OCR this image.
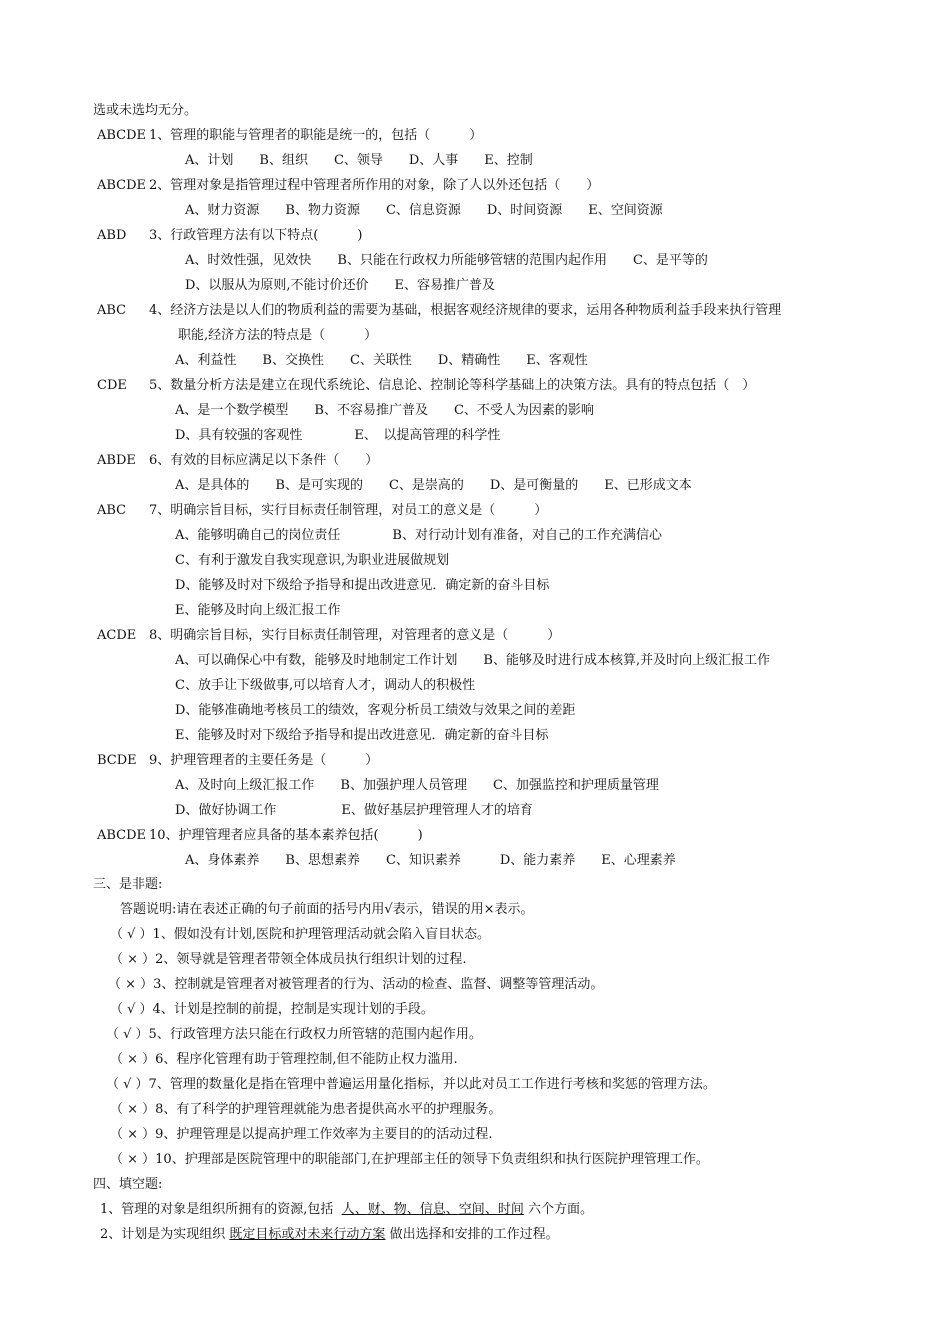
选或未选均无分。
ABCDE 1、管理的职能与管理者的职能是统一的，包括（　　　）
A、计划　　B、组织　　C、领导　　D、人事　　E、控制
ABCDE 2、管理对象是指管理过程中管理者所作用的对象，除了人以外还包括（　　）
A、财力资源　　B、物力资源　　C、信息资源　　D、时间资源　　E、空间资源
ABD 3、行政管理方法有以下特点(　　　)
A、时效性强，见效快　　B、只能在行政权力所能够管辖的范围内起作用　　C、是平等的
D、以服从为原则,不能讨价还价　　E、容易推广普及
ABC 4、经济方法是以人们的物质利益的需要为基础，根据客观经济规律的要求，运用各种物质利益手段来执行管理
职能,经济方法的特点是（　　　）
A、利益性　　B、交换性　　C、关联性　　D、精确性　　E、客观性
CDE 5、数量分析方法是建立在现代系统论、信息论、控制论等科学基础上的决策方法。具有的特点包括（　）
A、是一个数学模型　　B、不容易推广普及　　C、不受人为因素的影响
D、具有较强的客观性　　　　E、　以提高管理的科学性
ABDE 6、有效的目标应满足以下条件（　　）
A、是具体的　　B、是可实现的　　C、是崇高的　　D、是可衡量的　　E、已形成文本
ABC 7、明确宗旨目标，实行目标责任制管理，对员工的意义是（　　　）
A、能够明确自己的岗位责任　　　　B、对行动计划有准备，对自己的工作充满信心
C、有利于激发自我实现意识,为职业进展做规划
D、能够及时对下级给予指导和提出改进意见．确定新的奋斗目标
E、能够及时向上级汇报工作
ACDE 8、明确宗旨目标，实行目标责任制管理，对管理者的意义是（　　　）
A、可以确保心中有数，能够及时地制定工作计划　　B、能够及时进行成本核算,并及时向上级汇报工作
C、放手让下级做事,可以培育人才，调动人的积极性
D、能够准确地考核员工的绩效，客观分析员工绩效与效果之间的差距
E、能够及时对下级给予指导和提出改进意见．确定新的奋斗目标
BCDE 9、护理管理者的主要任务是（　　　）
A、及时向上级汇报工作　　B、加强护理人员管理　　C、加强监控和护理质量管理
D、做好协调工作　　　　　E、做好基层护理管理人才的培育
ABCDE 10、护理管理者应具备的基本素养包括(　　　)
A、身体素养　　B、思想素养　　C、知识素养　　　D、能力素养　　E、心理素养
三、是非题:
答题说明:请在表述正确的句子前面的括号内用√表示，错误的用×表示。
（ √ ）1、假如没有计划,医院和护理管理活动就会陷入盲目状态。
（ × ）2、领导就是管理者带领全体成员执行组织计划的过程.
（ × ）3、控制就是管理者对被管理者的行为、活动的检查、监督、调整等管理活动。
（ √ ）4、计划是控制的前提，控制是实现计划的手段。
（ √ ）5、行政管理方法只能在行政权力所管辖的范围内起作用。
（ × ）6、程序化管理有助于管理控制,但不能防止权力滥用.
（ √ ）7、管理的数量化是指在管理中普遍运用量化指标，并以此对员工工作进行考核和奖惩的管理方法。
（ × ）8、有了科学的护理管理就能为患者提供高水平的护理服务。
（ × ）9、护理管理是以提高护理工作效率为主要目的的活动过程.
（ × ）10、护理部是医院管理中的职能部门,在护理部主任的领导下负责组织和执行医院护理管理工作。
四、填空题:
1、管理的对象是组织所拥有的资源,包括 人、财、物、信息、空间、时间 六个方面。
2、计划是为实现组织 既定目标或对未来行动方案 做出选择和安排的工作过程。
